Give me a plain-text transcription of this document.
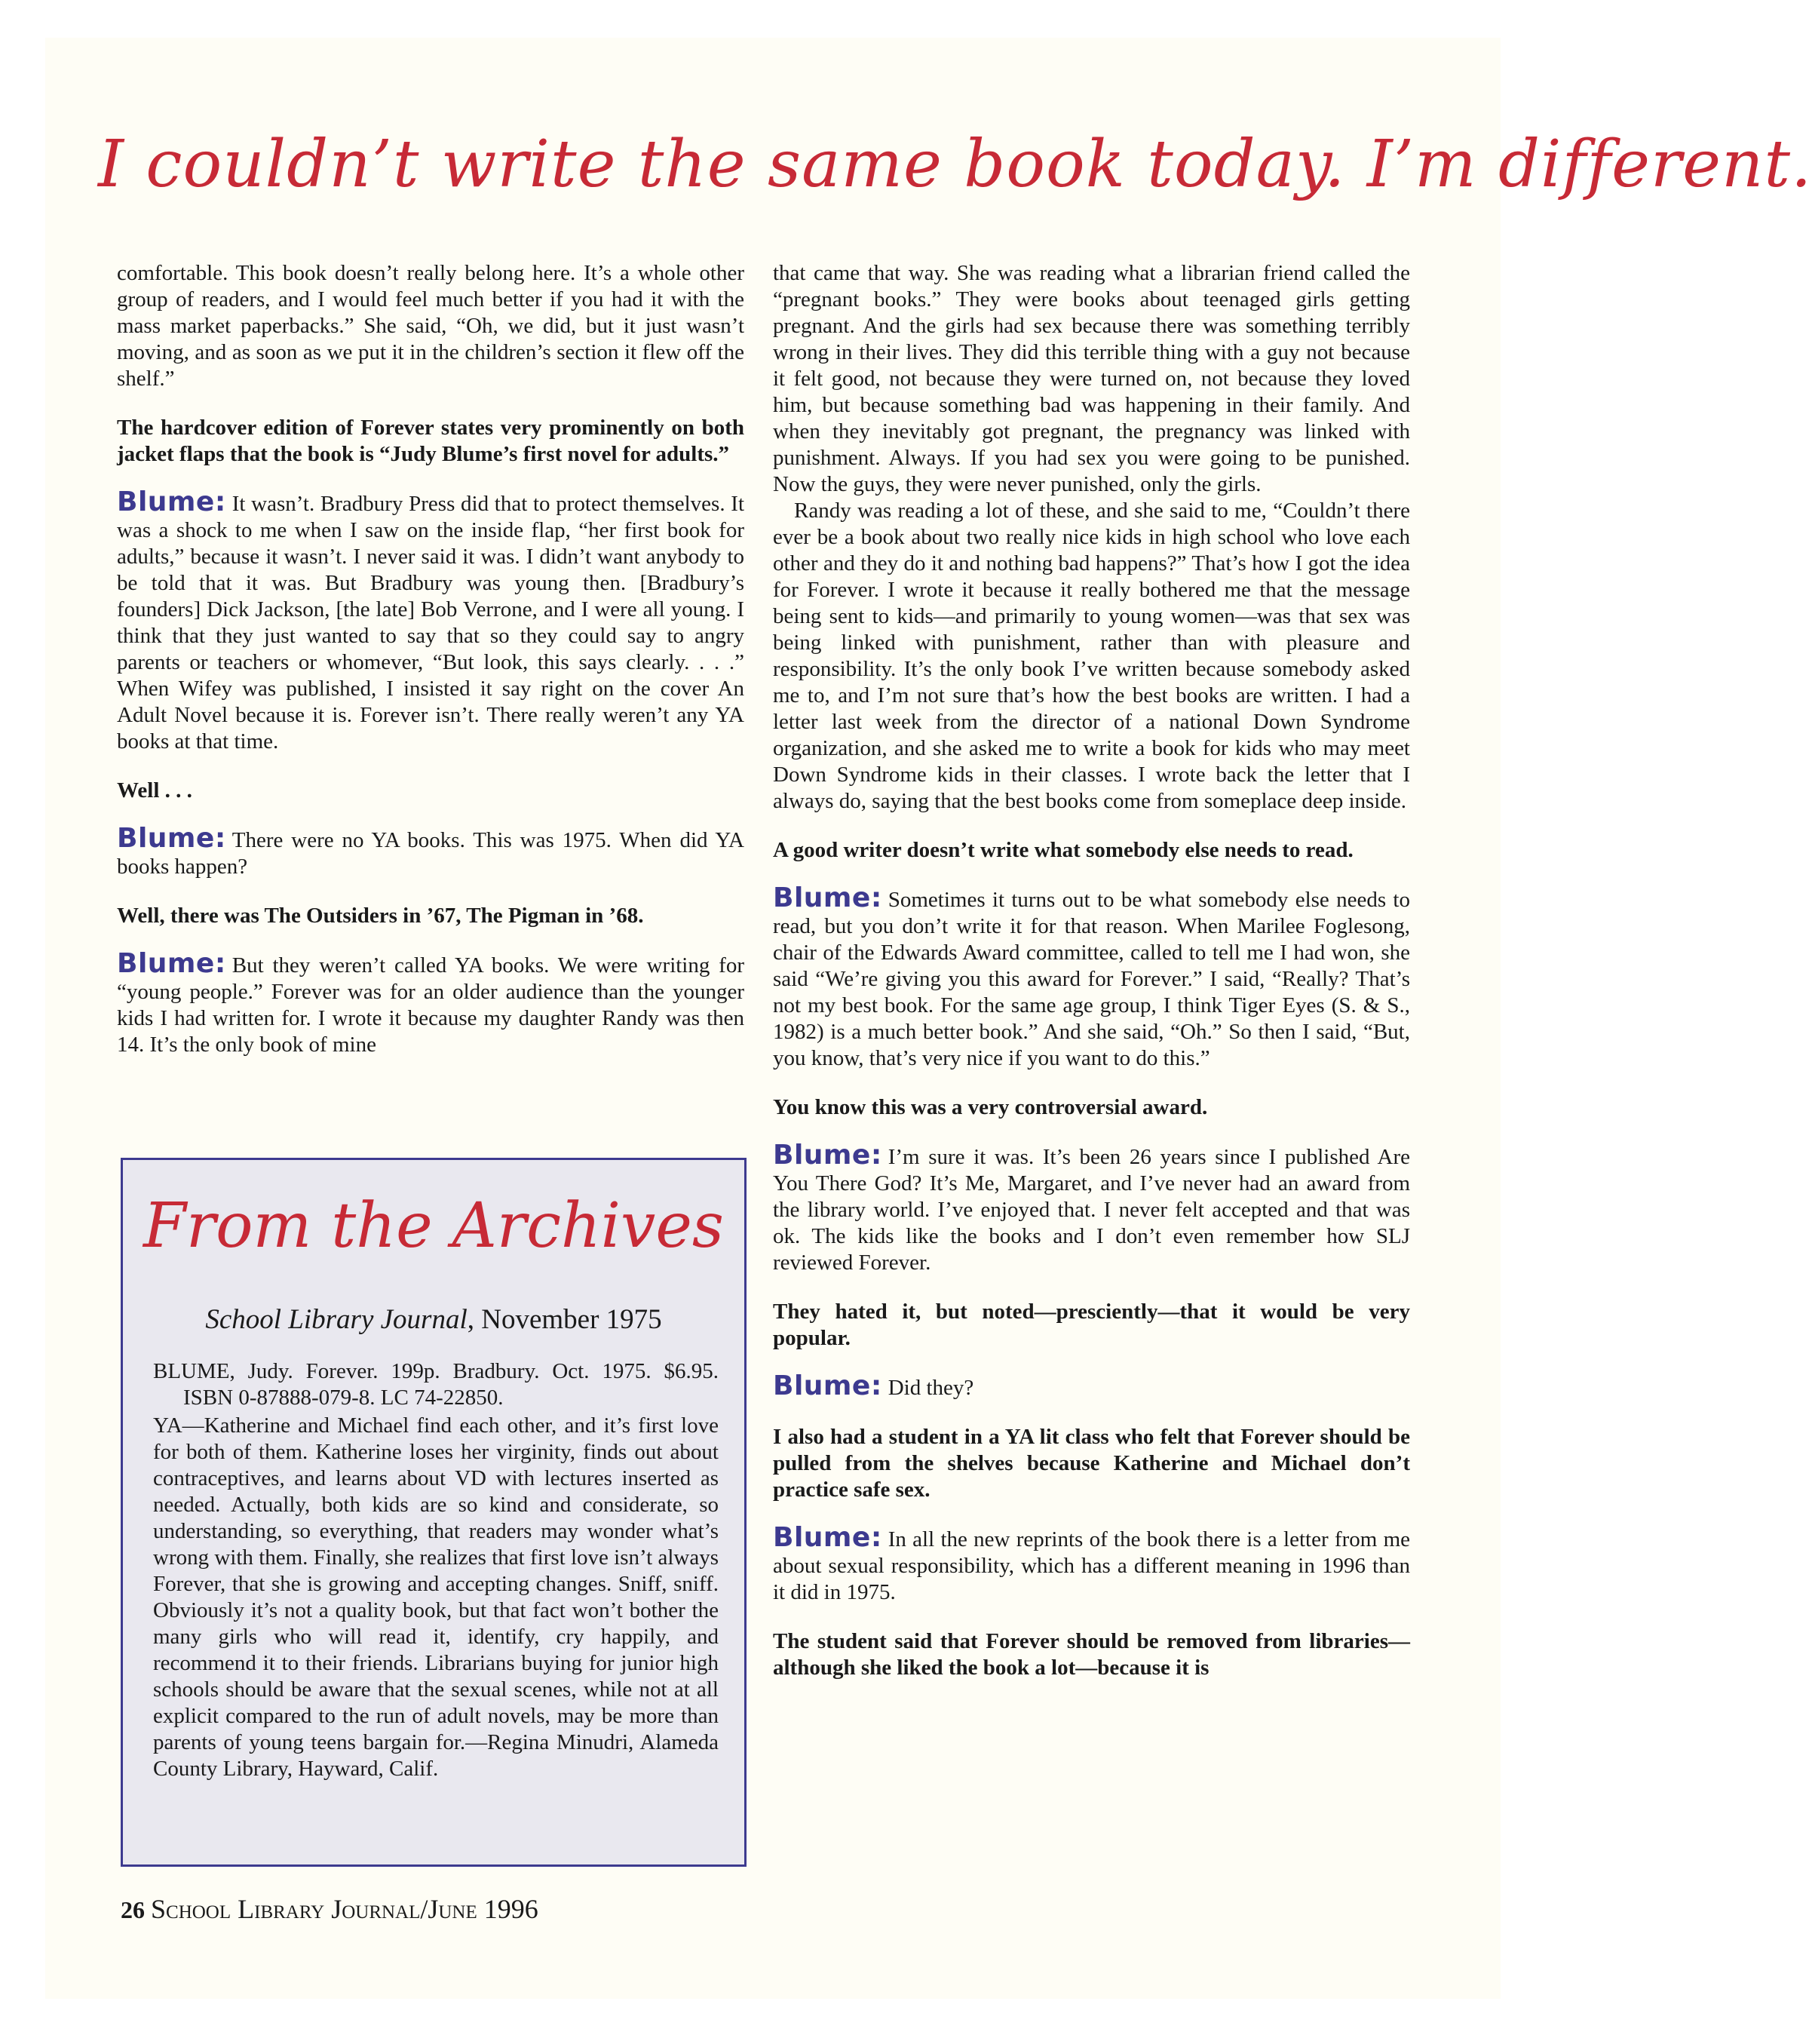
I couldn’t write the same book today. I’m different.

comfortable. This book doesn’t really belong here. It’s a whole other group of readers, and I would feel much better if you had it with the mass market paperbacks.” She said, “Oh, we did, but it just wasn’t moving, and as soon as we put it in the children’s section it flew off the shelf.”

The hardcover edition of Forever states very prominently on both jacket flaps that the book is “Judy Blume’s first novel for adults.”

Blume: It wasn’t. Bradbury Press did that to protect themselves. It was a shock to me when I saw on the inside flap, “her first book for adults,” because it wasn’t. I never said it was. I didn’t want anybody to be told that it was. But Bradbury was young then. [Bradbury’s founders] Dick Jackson, [the late] Bob Verrone, and I were all young. I think that they just wanted to say that so they could say to angry parents or teachers or whomever, “But look, this says clearly. . . .” When Wifey was published, I insisted it say right on the cover An Adult Novel because it is. Forever isn’t. There really weren’t any YA books at that time.

Well . . .

Blume: There were no YA books. This was 1975. When did YA books happen?

Well, there was The Outsiders in ’67, The Pigman in ’68.

Blume: But they weren’t called YA books. We were writing for “young people.” Forever was for an older audience than the younger kids I had written for. I wrote it because my daughter Randy was then 14. It’s the only book of mine

From the Archives
School Library Journal, November 1975

BLUME, Judy. Forever. 199p. Bradbury. Oct. 1975. $6.95. ISBN 0-87888-079-8. LC 74-22850.

YA—Katherine and Michael find each other, and it’s first love for both of them. Katherine loses her virginity, finds out about contraceptives, and learns about VD with lectures inserted as needed. Actually, both kids are so kind and considerate, so understanding, so everything, that readers may wonder what’s wrong with them. Finally, she realizes that first love isn’t always Forever, that she is growing and accepting changes. Sniff, sniff. Obviously it’s not a quality book, but that fact won’t bother the many girls who will read it, identify, cry happily, and recommend it to their friends. Librarians buying for junior high schools should be aware that the sexual scenes, while not at all explicit compared to the run of adult novels, may be more than parents of young teens bargain for.—Regina Minudri, Alameda County Library, Hayward, Calif.

that came that way. She was reading what a librarian friend called the “pregnant books.” They were books about teenaged girls getting pregnant. And the girls had sex because there was something terribly wrong in their lives. They did this terrible thing with a guy not because it felt good, not because they were turned on, not because they loved him, but because something bad was happening in their family. And when they inevitably got pregnant, the pregnancy was linked with punishment. Always. If you had sex you were going to be punished. Now the guys, they were never punished, only the girls.

Randy was reading a lot of these, and she said to me, “Couldn’t there ever be a book about two really nice kids in high school who love each other and they do it and nothing bad happens?” That’s how I got the idea for Forever. I wrote it because it really bothered me that the message being sent to kids—and primarily to young women—was that sex was being linked with punishment, rather than with pleasure and responsibility. It’s the only book I’ve written because somebody asked me to, and I’m not sure that’s how the best books are written. I had a letter last week from the director of a national Down Syndrome organization, and she asked me to write a book for kids who may meet Down Syndrome kids in their classes. I wrote back the letter that I always do, saying that the best books come from someplace deep inside.

A good writer doesn’t write what somebody else needs to read.

Blume: Sometimes it turns out to be what somebody else needs to read, but you don’t write it for that reason. When Marilee Foglesong, chair of the Edwards Award committee, called to tell me I had won, she said “We’re giving you this award for Forever.” I said, “Really? That’s not my best book. For the same age group, I think Tiger Eyes (S. & S., 1982) is a much better book.” And she said, “Oh.” So then I said, “But, you know, that’s very nice if you want to do this.”

You know this was a very controversial award.

Blume: I’m sure it was. It’s been 26 years since I published Are You There God? It’s Me, Margaret, and I’ve never had an award from the library world. I’ve enjoyed that. I never felt accepted and that was ok. The kids like the books and I don’t even remember how SLJ reviewed Forever.

They hated it, but noted—presciently—that it would be very popular.

Blume: Did they?

I also had a student in a YA lit class who felt that Forever should be pulled from the shelves because Katherine and Michael don’t practice safe sex.

Blume: In all the new reprints of the book there is a letter from me about sexual responsibility, which has a different meaning in 1996 than it did in 1975.

The student said that Forever should be removed from libraries—although she liked the book a lot—because it is

26 School Library Journal/June 1996
